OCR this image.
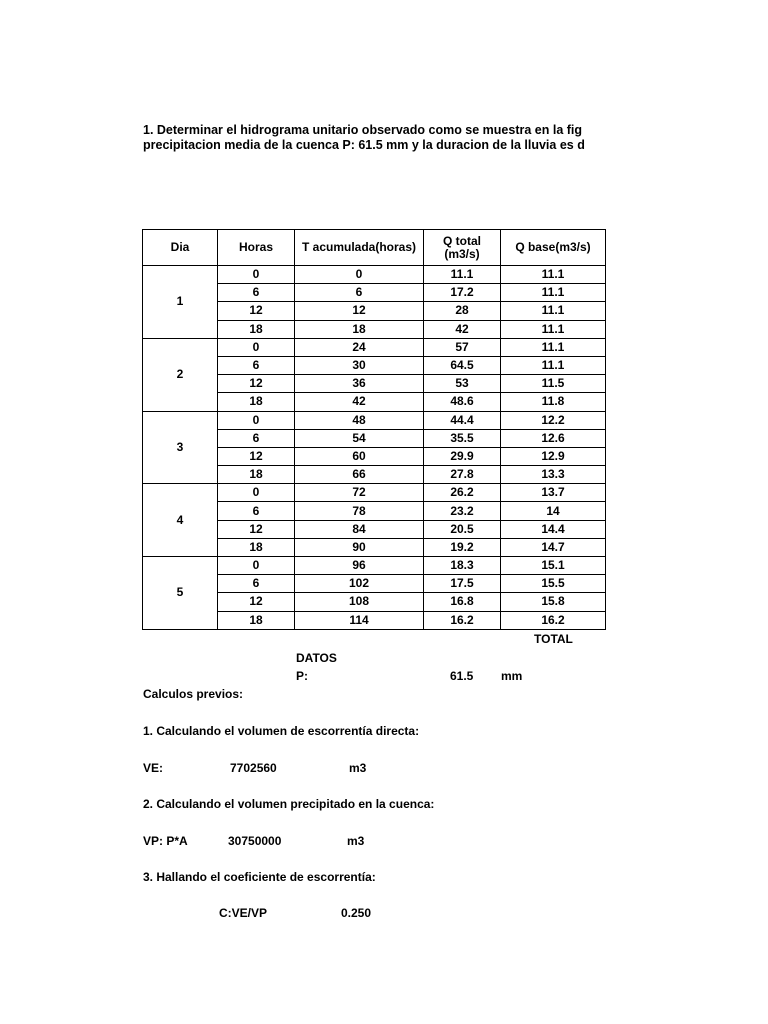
1. Determinar el hidrograma unitario observado como se muestra en la fig
precipitacion media de la cuenca P: 61.5 mm y la duracion de la lluvia es d
Dia	Horas	T acumulada(horas)	Q total
(m3/s)	Q base(m3/s)
1	0	0	11.1	11.1
	6	6	17.2	11.1
	12	12	28	11.1
	18	18	42	11.1
2	0	24	57	11.1
	6	30	64.5	11.1
	12	36	53	11.5
	18	42	48.6	11.8
3	0	48	44.4	12.2
	6	54	35.5	12.6
	12	60	29.9	12.9
	18	66	27.8	13.3
4	0	72	26.2	13.7
	6	78	23.2	14
	12	84	20.5	14.4
	18	90	19.2	14.7
5	0	96	18.3	15.1
	6	102	17.5	15.5
	12	108	16.8	15.8
	18	114	16.2	16.2
TOTAL
DATOS
P:	61.5 mm
Calculos previos:
1. Calculando el volumen de escorrentía directa:
VE:	7702560	m3
2. Calculando el volumen precipitado en la cuenca:
VP: P*A	30750000	m3
3. Hallando el coeficiente de escorrentía:
C:VE/VP	0.250
